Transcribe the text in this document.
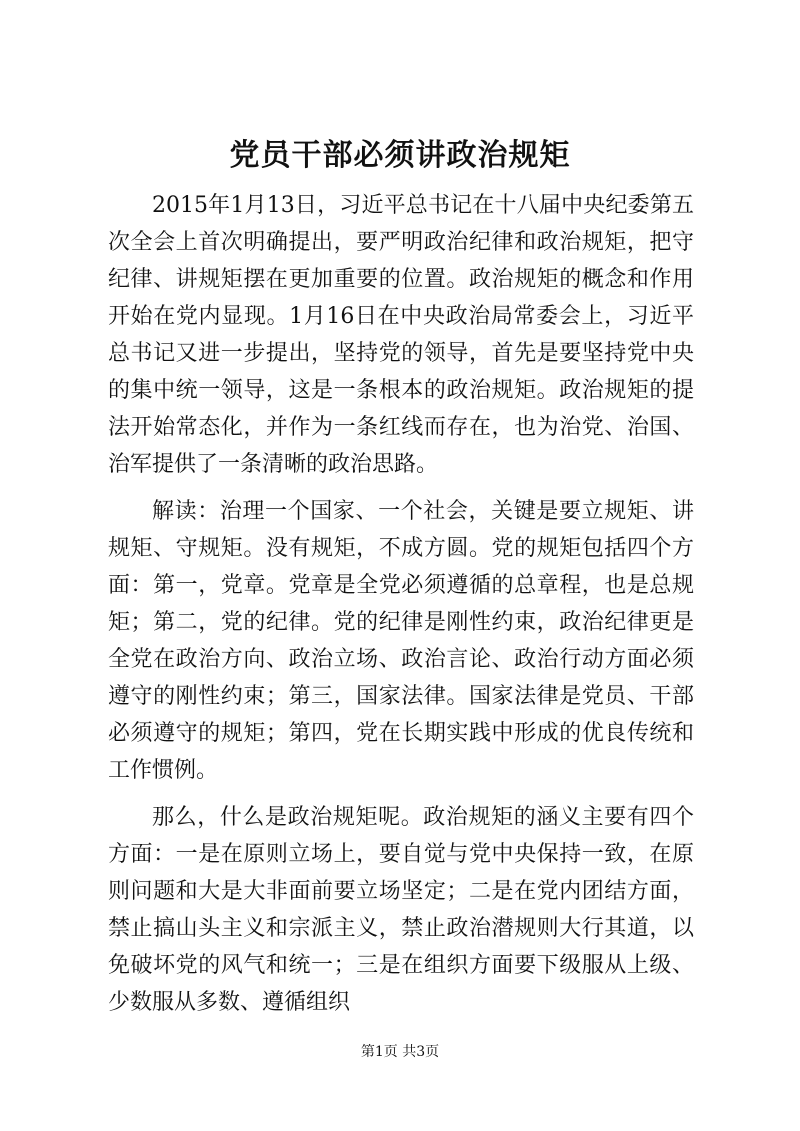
党员干部必须讲政治规矩

2015年1月13日，习近平总书记在十八届中央纪委第五次全会上首次明确提出，要严明政治纪律和政治规矩，把守纪律、讲规矩摆在更加重要的位置。政治规矩的概念和作用开始在党内显现。1月16日在中央政治局常委会上，习近平总书记又进一步提出，坚持党的领导，首先是要坚持党中央的集中统一领导，这是一条根本的政治规矩。政治规矩的提法开始常态化，并作为一条红线而存在，也为治党、治国、治军提供了一条清晰的政治思路。

解读：治理一个国家、一个社会，关键是要立规矩、讲规矩、守规矩。没有规矩，不成方圆。党的规矩包括四个方面：第一，党章。党章是全党必须遵循的总章程，也是总规矩；第二，党的纪律。党的纪律是刚性约束，政治纪律更是全党在政治方向、政治立场、政治言论、政治行动方面必须遵守的刚性约束；第三，国家法律。国家法律是党员、干部必须遵守的规矩；第四，党在长期实践中形成的优良传统和工作惯例。

那么，什么是政治规矩呢。政治规矩的涵义主要有四个方面：一是在原则立场上，要自觉与党中央保持一致，在原则问题和大是大非面前要立场坚定；二是在党内团结方面，禁止搞山头主义和宗派主义，禁止政治潜规则大行其道，以免破坏党的风气和统一；三是在组织方面要下级服从上级、少数服从多数、遵循组织

第1页 共3页
